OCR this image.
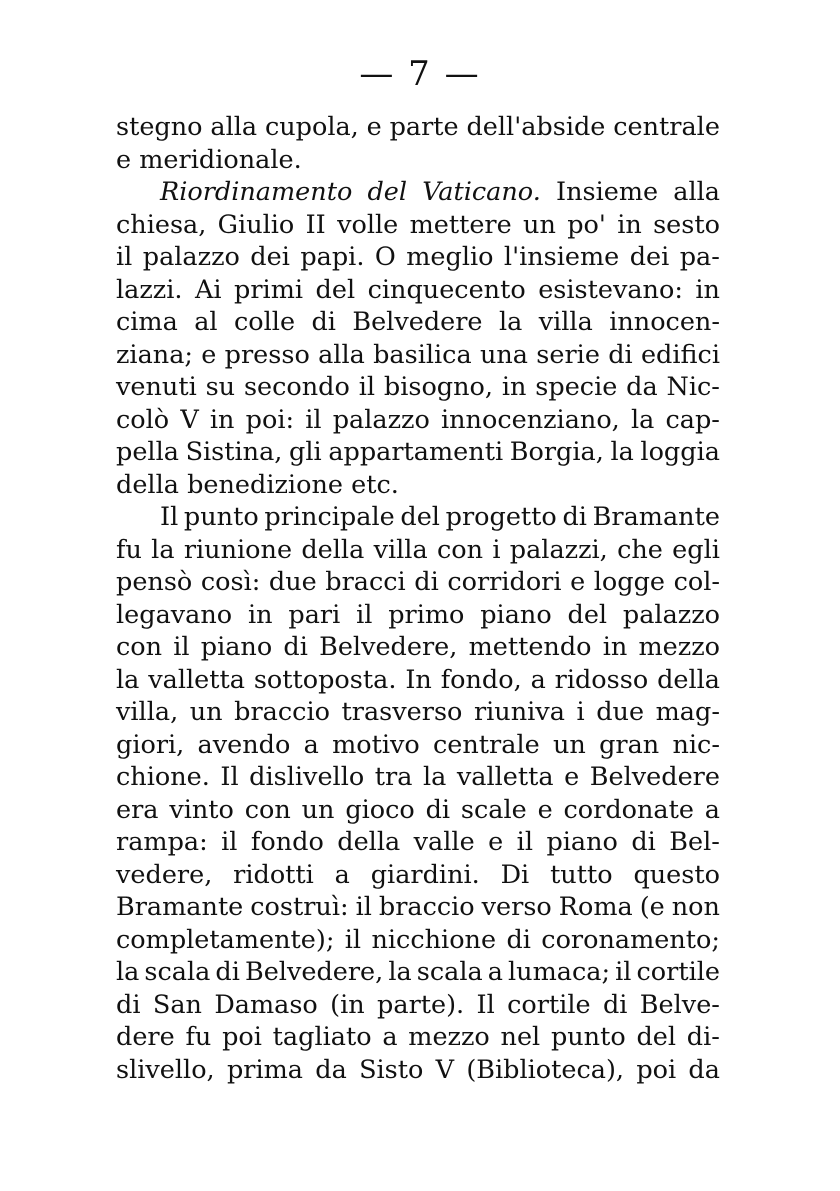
— 7 —
stegno alla cupola, e parte dell'abside centrale
e meridionale.
Riordinamento del Vaticano. Insieme alla
chiesa, Giulio II volle mettere un po' in sesto
il palazzo dei papi. O meglio l'insieme dei pa-
lazzi. Ai primi del cinquecento esistevano: in
cima al colle di Belvedere la villa innocen-
ziana; e presso alla basilica una serie di edifici
venuti su secondo il bisogno, in specie da Nic-
colò V in poi: il palazzo innocenziano, la cap-
pella Sistina, gli appartamenti Borgia, la loggia
della benedizione etc.
Il punto principale del progetto di Bramante
fu la riunione della villa con i palazzi, che egli
pensò così: due bracci di corridori e logge col-
legavano in pari il primo piano del palazzo
con il piano di Belvedere, mettendo in mezzo
la valletta sottoposta. In fondo, a ridosso della
villa, un braccio trasverso riuniva i due mag-
giori, avendo a motivo centrale un gran nic-
chione. Il dislivello tra la valletta e Belvedere
era vinto con un gioco di scale e cordonate a
rampa: il fondo della valle e il piano di Bel-
vedere, ridotti a giardini. Di tutto questo
Bramante costruì: il braccio verso Roma (e non
completamente); il nicchione di coronamento;
la scala di Belvedere, la scala a lumaca; il cortile
di San Damaso (in parte). Il cortile di Belve-
dere fu poi tagliato a mezzo nel punto del di-
slivello, prima da Sisto V (Biblioteca), poi da
